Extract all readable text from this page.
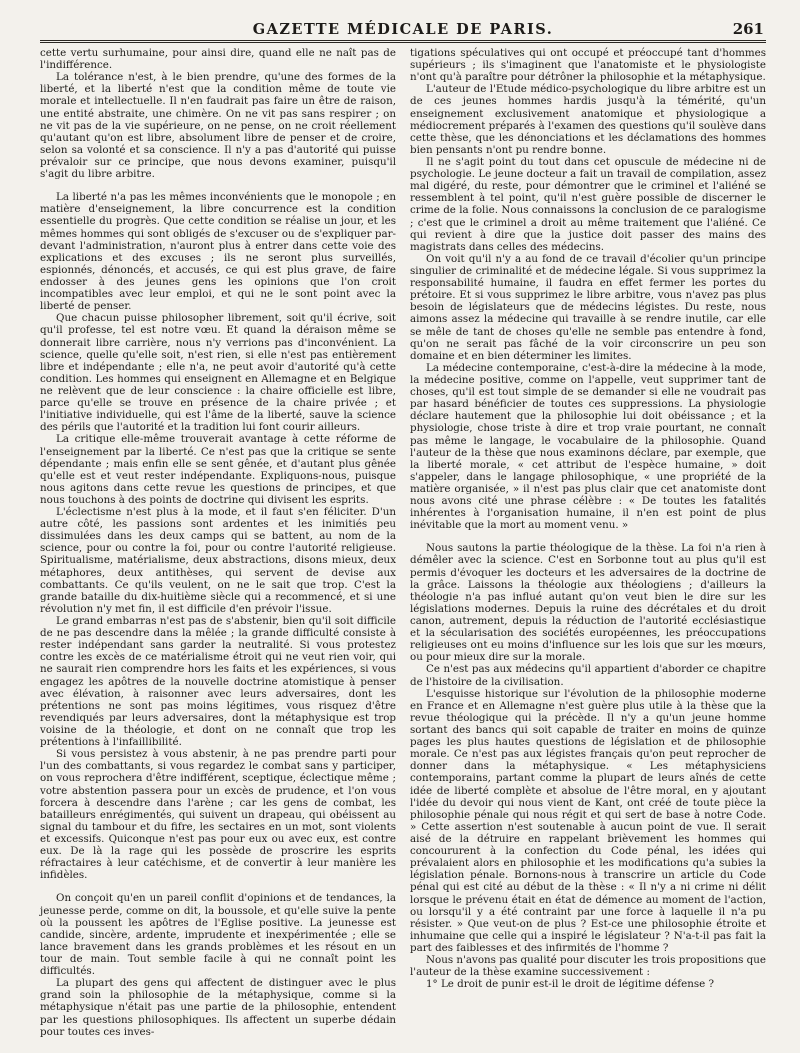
GAZETTE MÉDICALE DE PARIS.	261

cette vertu surhumaine, pour ainsi dire, quand elle ne naît pas de l'indifférence.

La tolérance n'est, à le bien prendre, qu'une des formes de la liberté, et la liberté n'est que la condition même de toute vie morale et intellectuelle. Il n'en faudrait pas faire un être de raison, une entité abstraite, une chimère. On ne vit pas sans respirer ; on ne vit pas de la vie supérieure, on ne pense, on ne croit réellement qu'autant qu'on est libre, absolument libre de penser et de croire, selon sa volonté et sa conscience. Il n'y a pas d'autorité qui puisse prévaloir sur ce principe, que nous devons examiner, puisqu'il s'agit du libre arbitre.

La liberté n'a pas les mêmes inconvénients que le monopole ; en matière d'enseignement, la libre concurrence est la condition essentielle du progrès. Que cette condition se réalise un jour, et les mêmes hommes qui sont obligés de s'excuser ou de s'expliquer par-devant l'administration, n'auront plus à entrer dans cette voie des explications et des excuses ; ils ne seront plus surveillés, espionnés, dénoncés, et accusés, ce qui est plus grave, de faire endosser à des jeunes gens les opinions que l'on croit incompatibles avec leur emploi, et qui ne le sont point avec la liberté de penser.

Que chacun puisse philosopher librement, soit qu'il écrive, soit qu'il professe, tel est notre vœu. Et quand la déraison même se donnerait libre carrière, nous n'y verrions pas d'inconvénient. La science, quelle qu'elle soit, n'est rien, si elle n'est pas entièrement libre et indépendante ; elle n'a, ne peut avoir d'autorité qu'à cette condition. Les hommes qui enseignent en Allemagne et en Belgique ne relèvent que de leur conscience : la chaire officielle est libre, parce qu'elle se trouve en présence de la chaire privée ; et l'initiative individuelle, qui est l'âme de la liberté, sauve la science des périls que l'autorité et la tradition lui font courir ailleurs.

La critique elle-même trouverait avantage à cette réforme de l'enseignement par la liberté. Ce n'est pas que la critique se sente dépendante ; mais enfin elle se sent gênée, et d'autant plus gênée qu'elle est et veut rester indépendante. Expliquons-nous, puisque nous agitons dans cette revue les questions de principes, et que nous touchons à des points de doctrine qui divisent les esprits.

L'éclectisme n'est plus à la mode, et il faut s'en féliciter. D'un autre côté, les passions sont ardentes et les inimitiés peu dissimulées dans les deux camps qui se battent, au nom de la science, pour ou contre la foi, pour ou contre l'autorité religieuse. Spiritualisme, matérialisme, deux abstractions, disons mieux, deux métaphores, deux antithèses, qui servent de devise aux combattants. Ce qu'ils veulent, on ne le sait que trop. C'est la grande bataille du dix-huitième siècle qui a recommencé, et si une révolution n'y met fin, il est difficile d'en prévoir l'issue.

Le grand embarras n'est pas de s'abstenir, bien qu'il soit difficile de ne pas descendre dans la mêlée ; la grande difficulté consiste à rester indépendant sans garder la neutralité. Si vous protestez contre les excès de ce matérialisme étroit qui ne veut rien voir, qui ne saurait rien comprendre hors les faits et les expériences, si vous engagez les apôtres de la nouvelle doctrine atomistique à penser avec élévation, à raisonner avec leurs adversaires, dont les prétentions ne sont pas moins légitimes, vous risquez d'être revendiqués par leurs adversaires, dont la métaphysique est trop voisine de la théologie, et dont on ne connaît que trop les prétentions à l'infaillibilité.

Si vous persistez à vous abstenir, à ne pas prendre parti pour l'un des combattants, si vous regardez le combat sans y participer, on vous reprochera d'être indifférent, sceptique, éclectique même ; votre abstention passera pour un excès de prudence, et l'on vous forcera à descendre dans l'arène ; car les gens de combat, les batailleurs enrégimentés, qui suivent un drapeau, qui obéissent au signal du tambour et du fifre, les sectaires en un mot, sont violents et excessifs. Quiconque n'est pas pour eux ou avec eux, est contre eux. De là la rage qui les possède de proscrire les esprits réfractaires à leur catéchisme, et de convertir à leur manière les infidèles.

On conçoit qu'en un pareil conflit d'opinions et de tendances, la jeunesse perde, comme on dit, la boussole, et qu'elle suive la pente où la poussent les apôtres de l'Eglise positive. La jeunesse est candide, sincère, ardente, imprudente et inexpérimentée ; elle se lance bravement dans les grands problèmes et les résout en un tour de main. Tout semble facile à qui ne connaît point les difficultés.

La plupart des gens qui affectent de distinguer avec le plus grand soin la philosophie de la métaphysique, comme si la métaphysique n'était pas une partie de la philosophie, entendent par les questions philosophiques. Ils affectent un superbe dédain pour toutes ces inves-

tigations spéculatives qui ont occupé et préoccupé tant d'hommes supérieurs ; ils s'imaginent que l'anatomiste et le physiologiste n'ont qu'à paraître pour détrôner la philosophie et la métaphysique.

L'auteur de l'Etude médico-psychologique du libre arbitre est un de ces jeunes hommes hardis jusqu'à la témérité, qu'un enseignement exclusivement anatomique et physiologique a médiocrement préparés à l'examen des questions qu'il soulève dans cette thèse, que les dénonciations et les déclamations des hommes bien pensants n'ont pu rendre bonne.

Il ne s'agit point du tout dans cet opuscule de médecine ni de psychologie. Le jeune docteur a fait un travail de compilation, assez mal digéré, du reste, pour démontrer que le criminel et l'aliéné se ressemblent à tel point, qu'il n'est guère possible de discerner le crime de la folie. Nous connaissons la conclusion de ce paralogisme ; c'est que le criminel a droit au même traitement que l'aliéné. Ce qui revient à dire que la justice doit passer des mains des magistrats dans celles des médecins.

On voit qu'il n'y a au fond de ce travail d'écolier qu'un principe singulier de criminalité et de médecine légale. Si vous supprimez la responsabilité humaine, il faudra en effet fermer les portes du prétoire. Et si vous supprimez le libre arbitre, vous n'avez pas plus besoin de législateurs que de médecins légistes. Du reste, nous aimons assez la médecine qui travaille à se rendre inutile, car elle se mêle de tant de choses qu'elle ne semble pas entendre à fond, qu'on ne serait pas fâché de la voir circonscrire un peu son domaine et en bien déterminer les limites.

La médecine contemporaine, c'est-à-dire la médecine à la mode, la médecine positive, comme on l'appelle, veut supprimer tant de choses, qu'il est tout simple de se demander si elle ne voudrait pas par hasard bénéficier de toutes ces suppressions. La physiologie déclare hautement que la philosophie lui doit obéissance ; et la physiologie, chose triste à dire et trop vraie pourtant, ne connaît pas même le langage, le vocabulaire de la philosophie. Quand l'auteur de la thèse que nous examinons déclare, par exemple, que la liberté morale, « cet attribut de l'espèce humaine, » doit s'appeler, dans le langage philosophique, « une propriété de la matière organisée, » il n'est pas plus clair que cet anatomiste dont nous avons cité une phrase célèbre : « De toutes les fatalités inhérentes à l'organisation humaine, il n'en est point de plus inévitable que la mort au moment venu. »

Nous sautons la partie théologique de la thèse. La foi n'a rien à démêler avec la science. C'est en Sorbonne tout au plus qu'il est permis d'évoquer les docteurs et les adversaires de la doctrine de la grâce. Laissons la théologie aux théologiens ; d'ailleurs la théologie n'a pas influé autant qu'on veut bien le dire sur les législations modernes. Depuis la ruine des décrétales et du droit canon, autrement, depuis la réduction de l'autorité ecclésiastique et la sécularisation des sociétés européennes, les préoccupations religieuses ont eu moins d'influence sur les lois que sur les mœurs, ou pour mieux dire sur la morale.

Ce n'est pas aux médecins qu'il appartient d'aborder ce chapitre de l'histoire de la civilisation.

L'esquisse historique sur l'évolution de la philosophie moderne en France et en Allemagne n'est guère plus utile à la thèse que la revue théologique qui la précède. Il n'y a qu'un jeune homme sortant des bancs qui soit capable de traiter en moins de quinze pages les plus hautes questions de législation et de philosophie morale. Ce n'est pas aux légistes français qu'on peut reprocher de donner dans la métaphysique. « Les métaphysiciens contemporains, partant comme la plupart de leurs aînés de cette idée de liberté complète et absolue de l'être moral, en y ajoutant l'idée du devoir qui nous vient de Kant, ont créé de toute pièce la philosophie pénale qui nous régit et qui sert de base à notre Code. » Cette assertion n'est soutenable à aucun point de vue. Il serait aisé de la détruire en rappelant brièvement les hommes qui concoururent à la confection du Code pénal, les idées qui prévalaient alors en philosophie et les modifications qu'a subies la législation pénale. Bornons-nous à transcrire un article du Code pénal qui est cité au début de la thèse : « Il n'y a ni crime ni délit lorsque le prévenu était en état de démence au moment de l'action, ou lorsqu'il y a été contraint par une force à laquelle il n'a pu résister. » Que veut-on de plus ? Est-ce une philosophie étroite et inhumaine que celle qui a inspiré le législateur ? N'a-t-il pas fait la part des faiblesses et des infirmités de l'homme ?

Nous n'avons pas qualité pour discuter les trois propositions que l'auteur de la thèse examine successivement :

1° Le droit de punir est-il le droit de légitime défense ?
